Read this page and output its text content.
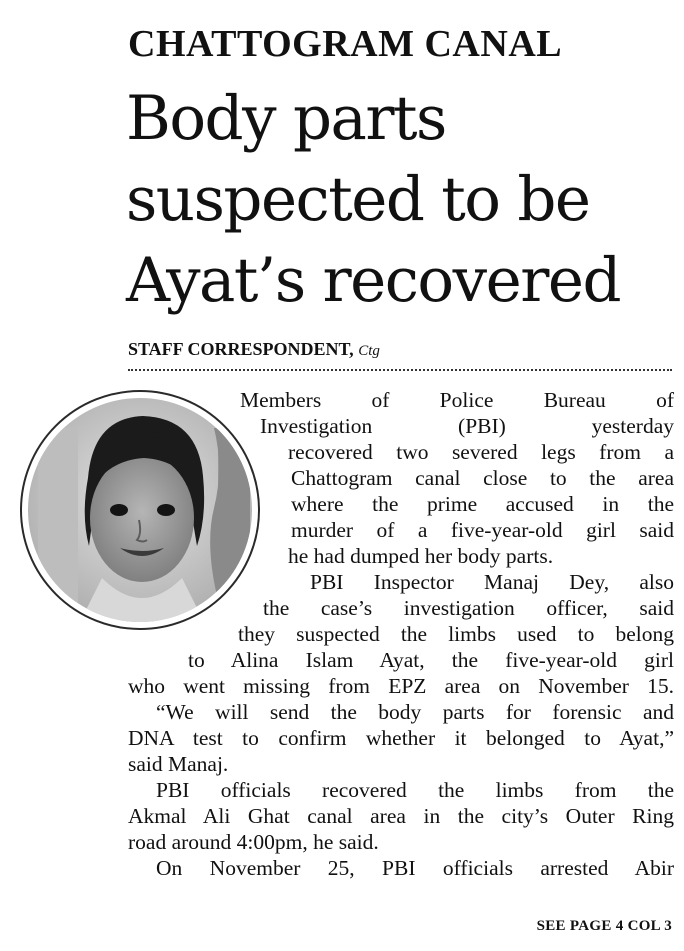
CHATTOGRAM CANAL
Body parts suspected to be Ayat’s recovered
STAFF CORRESPONDENT, Ctg

Members of Police Bureau of

Investigation (PBI) yesterday

recovered two severed legs from a

Chattogram canal close to the area

where the prime accused in the

murder of a five-year-old girl said

he had dumped her body parts.

PBI Inspector Manaj Dey, also

the case’s investigation officer, said

they suspected the limbs used to belong

to Alina Islam Ayat, the five-year-old girl

who went missing from EPZ area on November 15.

“We will send the body parts for forensic and

DNA test to confirm whether it belonged to Ayat,”

said Manaj.

PBI officials recovered the limbs from the

Akmal Ali Ghat canal area in the city’s Outer Ring

road around 4:00pm, he said.

On November 25, PBI officials arrested Abir

SEE PAGE 4 COL 3
